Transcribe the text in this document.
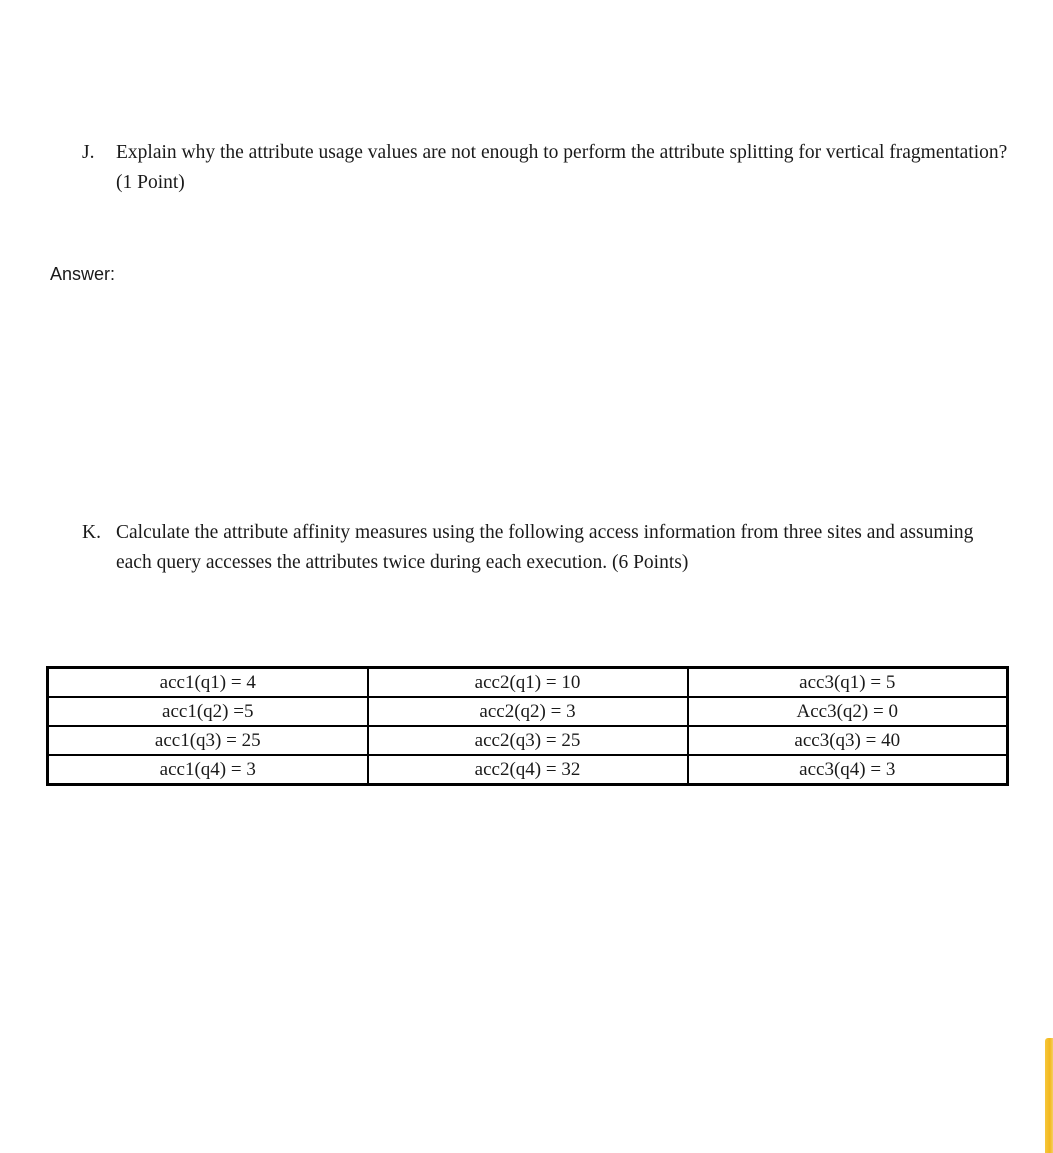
J. Explain why the attribute usage values are not enough to perform the attribute splitting for vertical fragmentation? (1 Point)
Answer:
K. Calculate the attribute affinity measures using the following access information from three sites and assuming each query accesses the attributes twice during each execution. (6 Points)
acc1(q1) = 4	acc2(q1) = 10	acc3(q1) = 5
acc1(q2) =5	acc2(q2) = 3	Acc3(q2) = 0
acc1(q3) = 25	acc2(q3) = 25	acc3(q3) = 40
acc1(q4) = 3	acc2(q4) = 32	acc3(q4) = 3
